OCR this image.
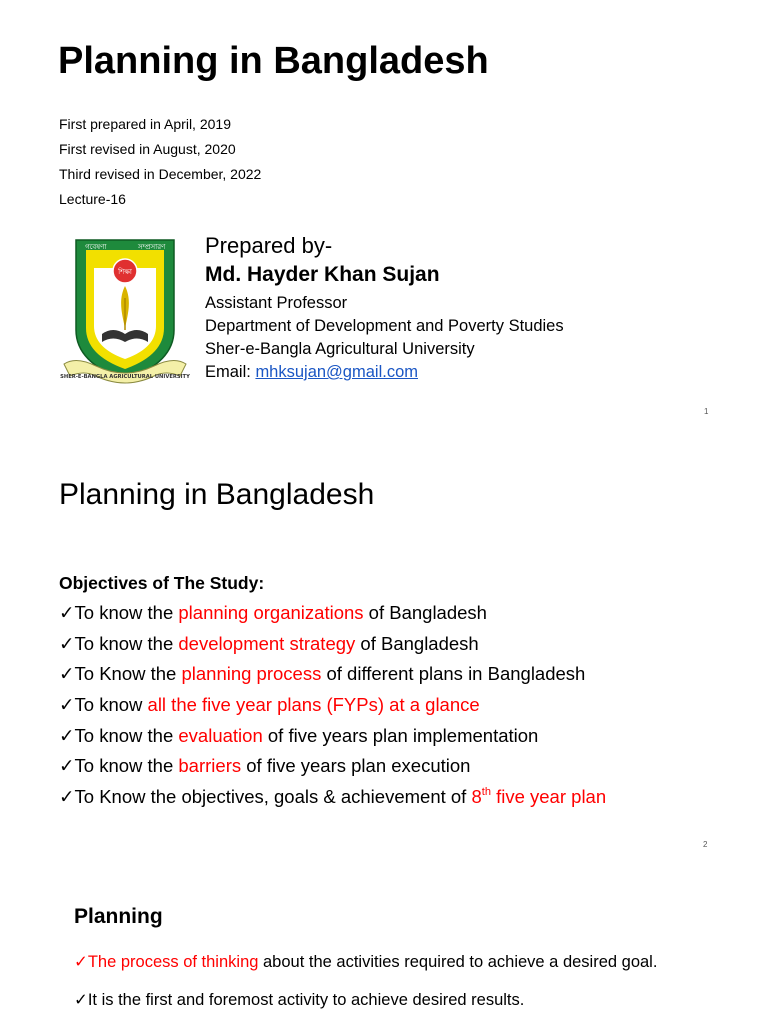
Planning in Bangladesh
First prepared in April, 2019
First revised in August, 2020
Third revised in December, 2022
Lecture-16
গবেষণা	সম্প্রসারণ
শিক্ষা
SHER-E-BANGLA AGRICULTURAL UNIVERSITY
Prepared by-
Md. Hayder Khan Sujan
Assistant Professor
Department of Development and Poverty Studies
Sher-e-Bangla Agricultural University
Email: mhksujan@gmail.com
1
Planning in Bangladesh
Objectives of The Study:
✓To know the planning organizations of Bangladesh
✓To know the development strategy of Bangladesh
✓To Know the planning process of different plans in Bangladesh
✓To know all the five year plans (FYPs) at a glance
✓To know the evaluation of five years plan implementation
✓To know the barriers of five years plan execution
✓To Know the objectives, goals & achievement of 8th five year plan
2
Planning
✓The process of thinking about the activities required to achieve a desired goal.
✓It is the first and foremost activity to achieve desired results.
